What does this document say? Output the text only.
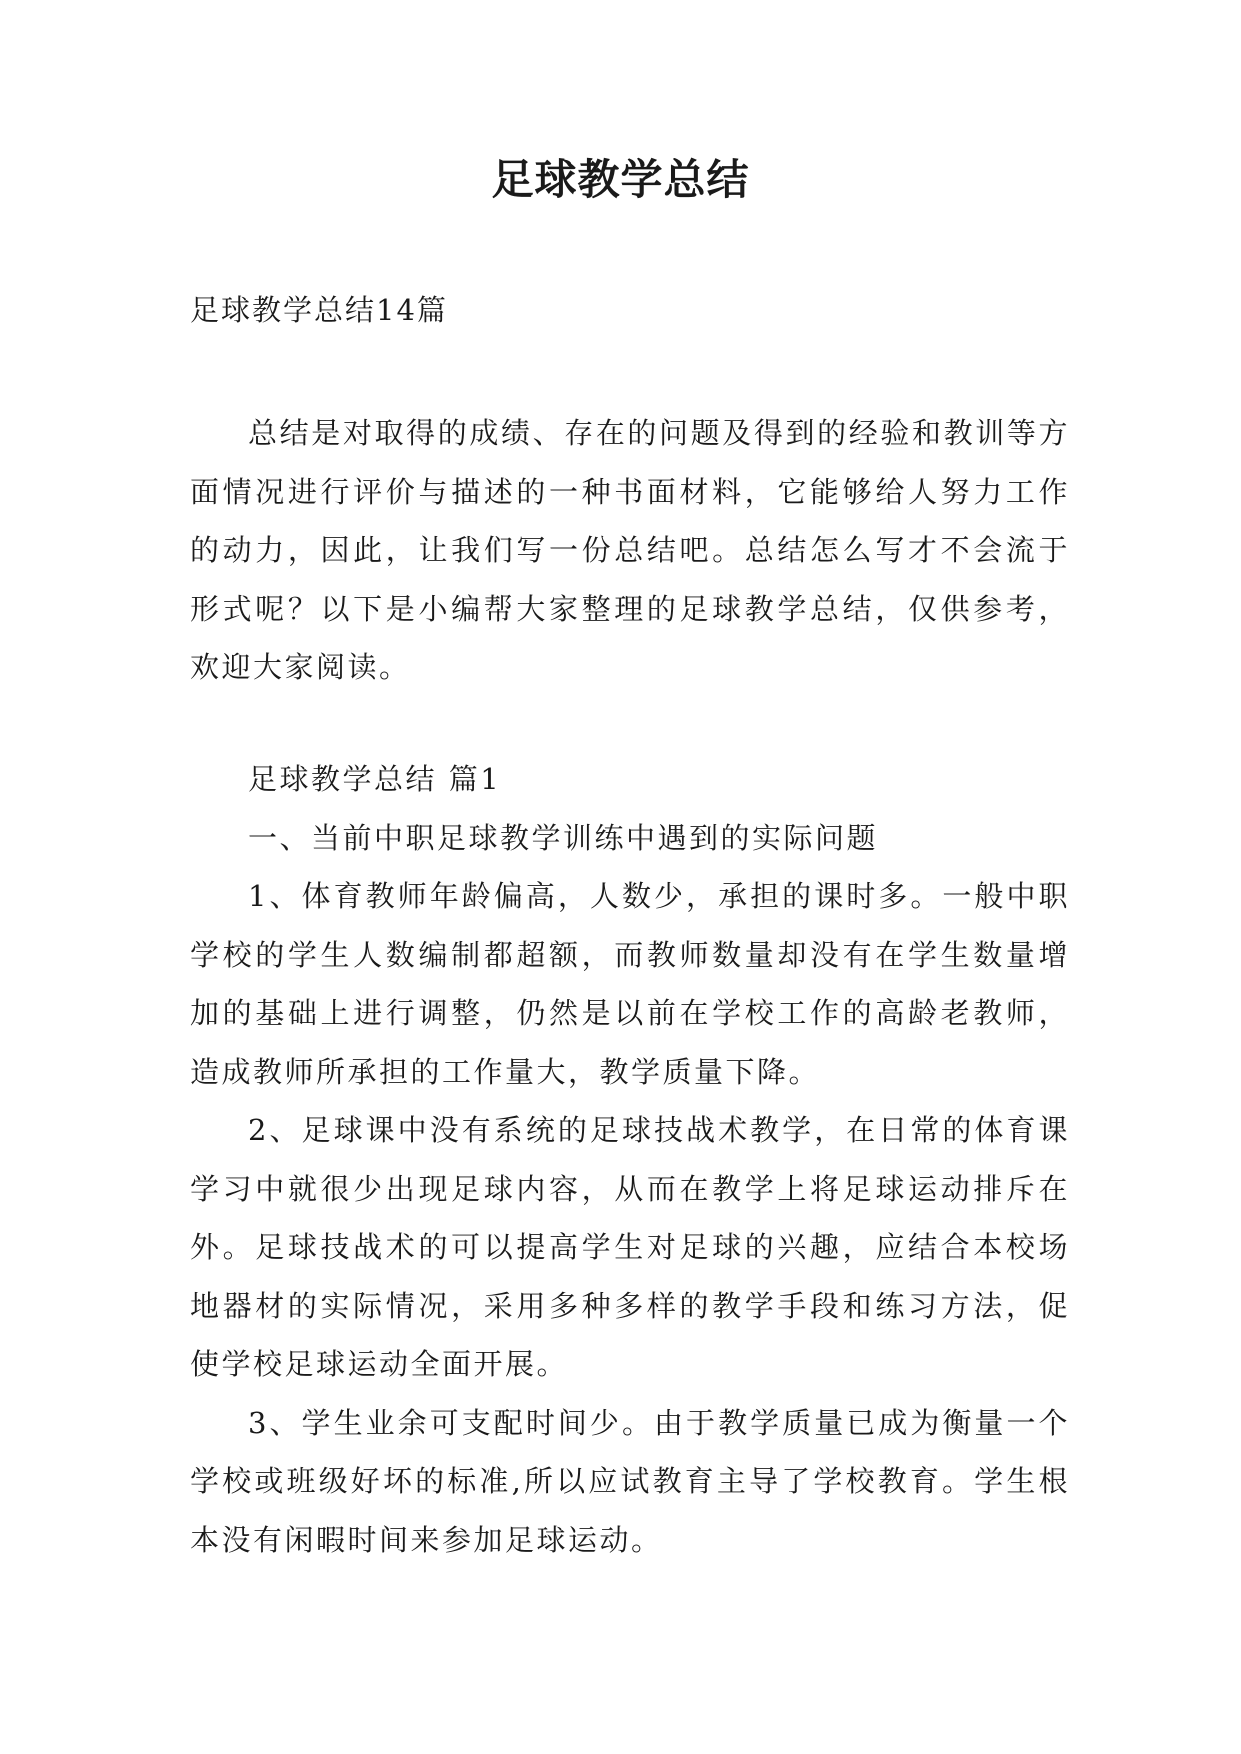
足球教学总结
足球教学总结14篇

总结是对取得的成绩、存在的问题及得到的经验和教训等方面情况进行评价与描述的一种书面材料，它能够给人努力工作的动力，因此，让我们写一份总结吧。总结怎么写才不会流于形式呢？以下是小编帮大家整理的足球教学总结，仅供参考，欢迎大家阅读。

足球教学总结 篇1

一、当前中职足球教学训练中遇到的实际问题

1、体育教师年龄偏高，人数少，承担的课时多。一般中职学校的学生人数编制都超额，而教师数量却没有在学生数量增加的基础上进行调整，仍然是以前在学校工作的高龄老教师，造成教师所承担的工作量大，教学质量下降。

2、足球课中没有系统的足球技战术教学，在日常的体育课学习中就很少出现足球内容，从而在教学上将足球运动排斥在外。足球技战术的可以提高学生对足球的兴趣，应结合本校场地器材的实际情况，采用多种多样的教学手段和练习方法，促使学校足球运动全面开展。

3、学生业余可支配时间少。由于教学质量已成为衡量一个学校或班级好坏的标准,所以应试教育主导了学校教育。学生根本没有闲暇时间来参加足球运动。
